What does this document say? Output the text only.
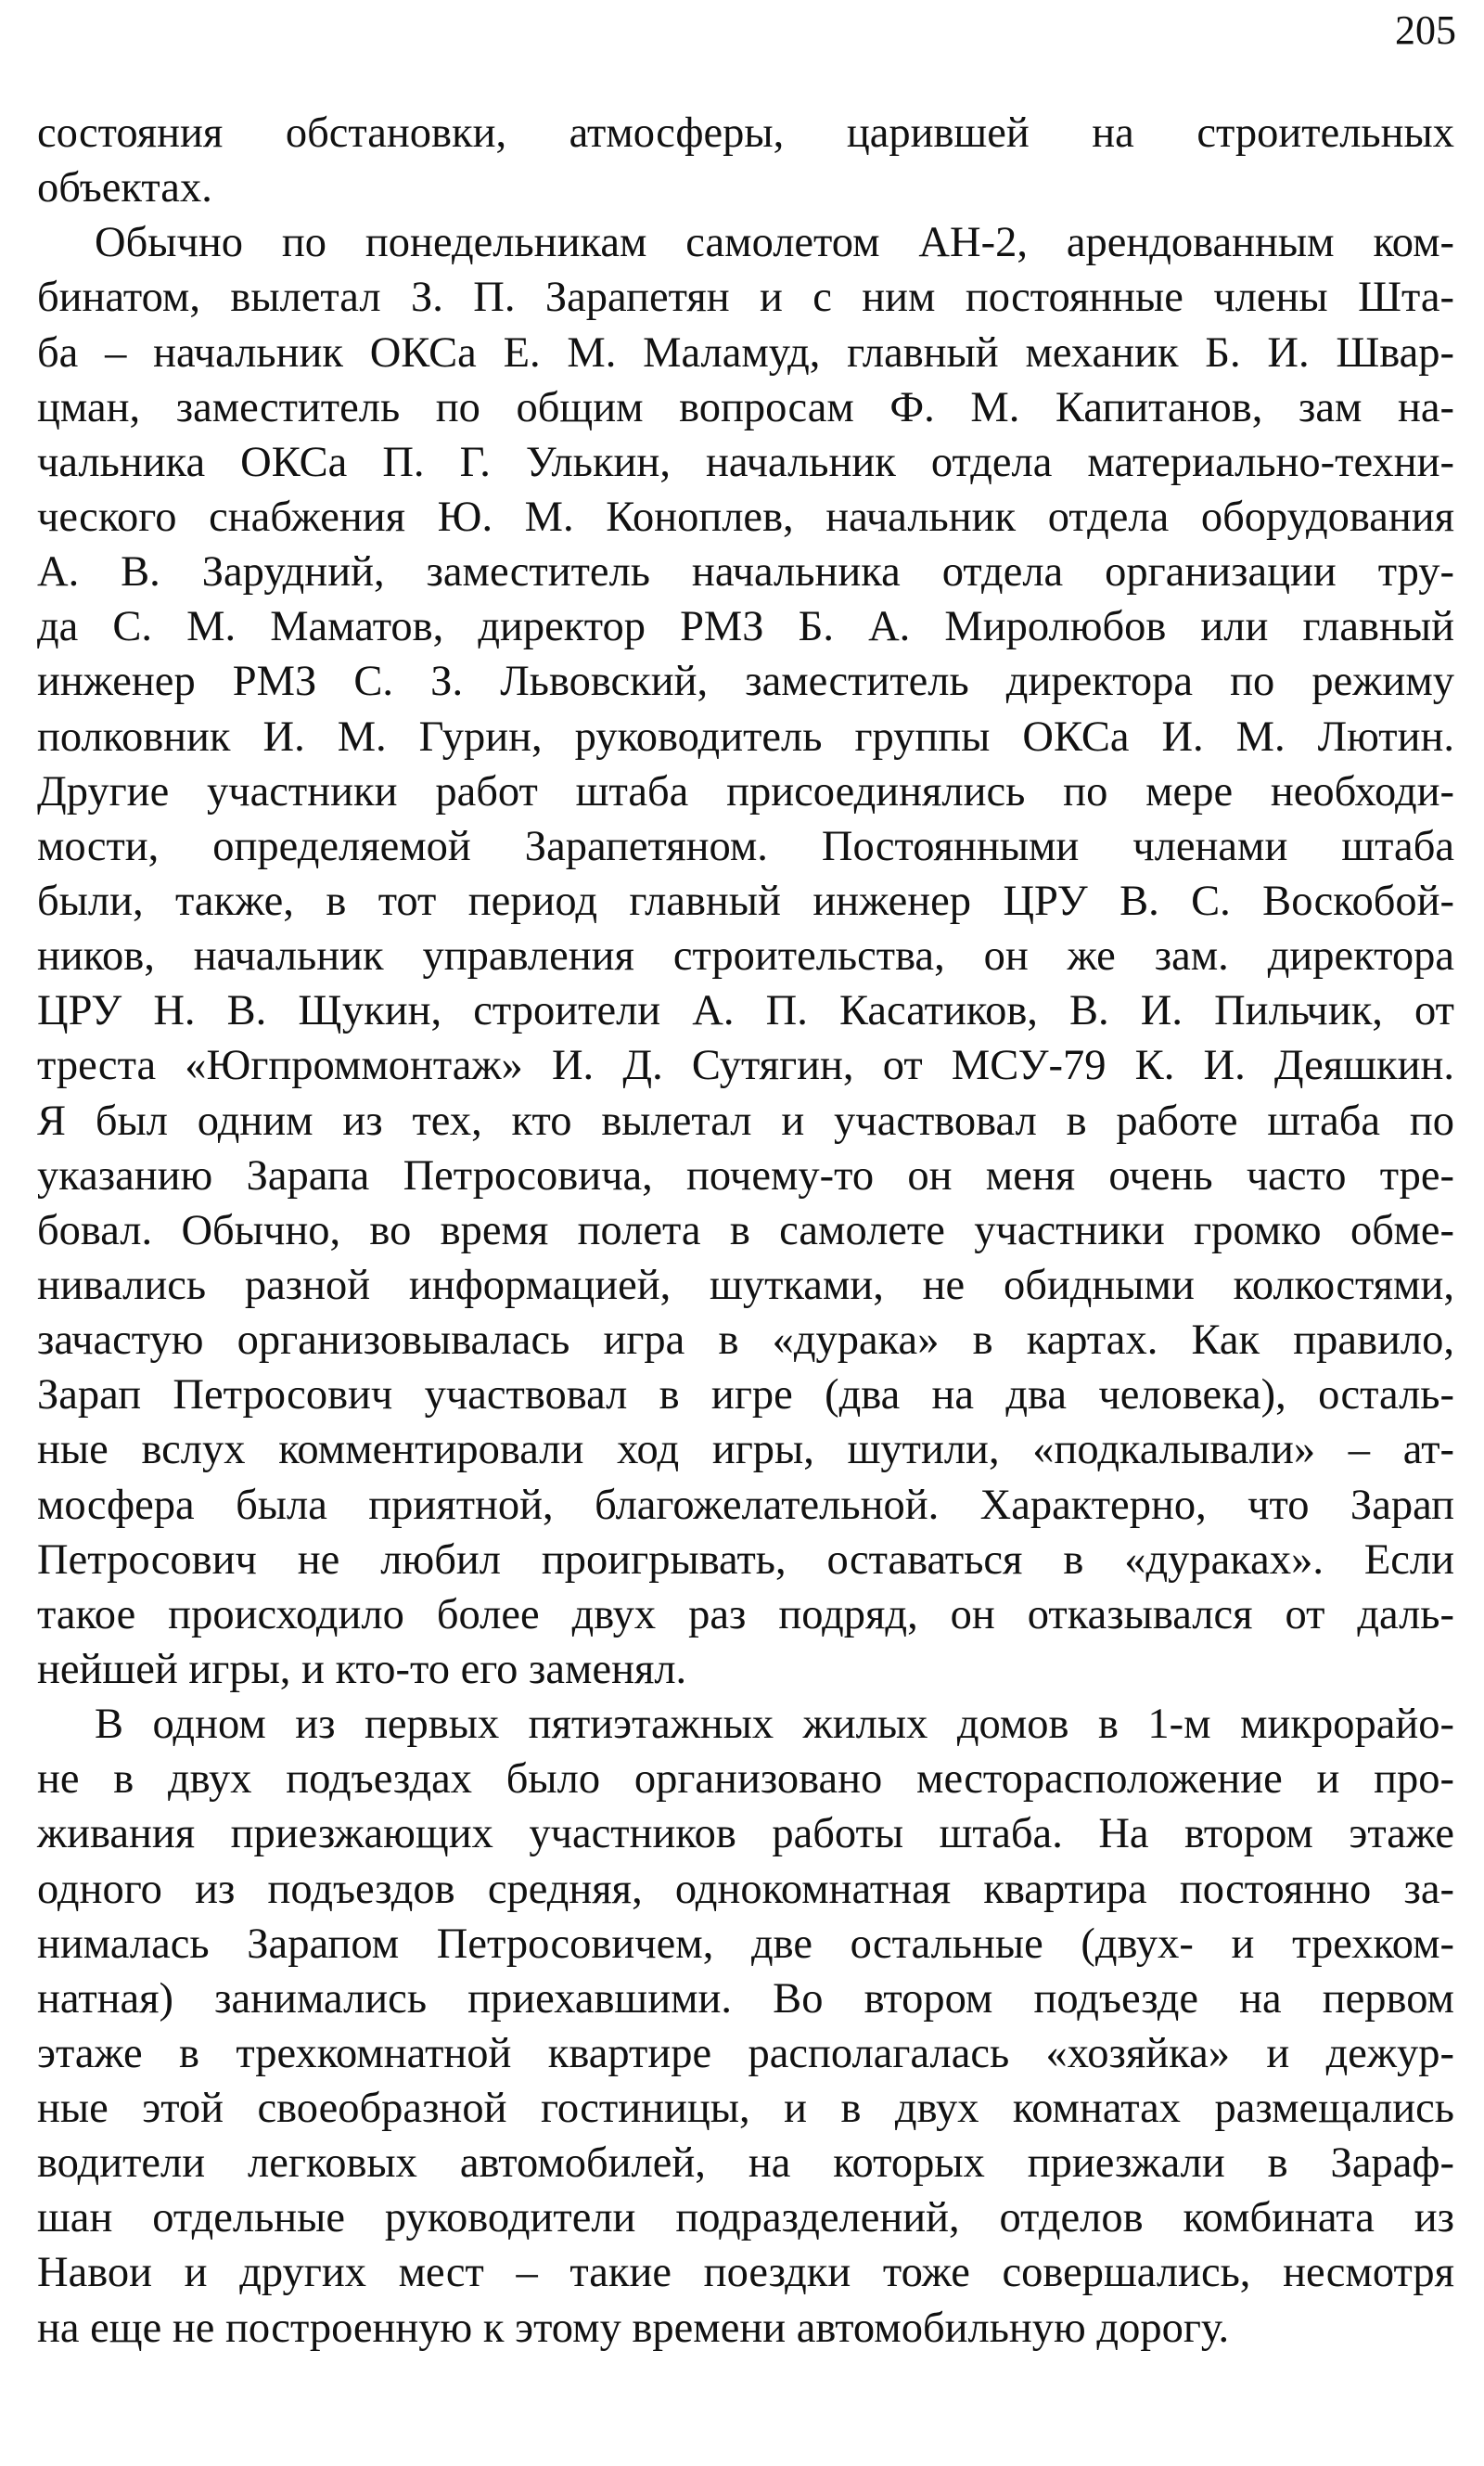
205
состояния обстановки, атмосферы, царившей на строительных
объектах.
Обычно по понедельникам самолетом АН-2, арендованным ком-
бинатом, вылетал З. П. Зарапетян и с ним постоянные члены Шта-
ба – начальник ОКСа Е. М. Маламуд, главный механик Б. И. Швар-
цман, заместитель по общим вопросам Ф. М. Капитанов, зам на-
чальника ОКСа П. Г. Улькин, начальник отдела материально-техни-
ческого снабжения Ю. М. Коноплев, начальник отдела оборудования
А. В. Зарудний, заместитель начальника отдела организации тру-
да С. М. Маматов, директор РМЗ Б. А. Миролюбов или главный
инженер РМЗ С. З. Львовский, заместитель директора по режиму
полковник И. М. Гурин, руководитель группы ОКСа И. М. Лютин.
Другие участники работ штаба присоединялись по мере необходи-
мости, определяемой Зарапетяном. Постоянными членами штаба
были, также, в тот период главный инженер ЦРУ В. С. Воскобой-
ников, начальник управления строительства, он же зам. директора
ЦРУ Н. В. Щукин, строители А. П. Касатиков, В. И. Пильчик, от
треста «Югпроммонтаж» И. Д. Сутягин, от МСУ-79 К. И. Деяшкин.
Я был одним из тех, кто вылетал и участвовал в работе штаба по
указанию Зарапа Петросовича, почему-то он меня очень часто тре-
бовал. Обычно, во время полета в самолете участники громко обме-
нивались разной информацией, шутками, не обидными колкостями,
зачастую организовывалась игра в «дурака» в картах. Как правило,
Зарап Петросович участвовал в игре (два на два человека), осталь-
ные вслух комментировали ход игры, шутили, «подкалывали» – ат-
мосфера была приятной, благожелательной. Характерно, что Зарап
Петросович не любил проигрывать, оставаться в «дураках». Если
такое происходило более двух раз подряд, он отказывался от даль-
нейшей игры, и кто-то его заменял.
В одном из первых пятиэтажных жилых домов в 1-м микрорайо-
не в двух подъездах было организовано месторасположение и про-
живания приезжающих участников работы штаба. На втором этаже
одного из подъездов средняя, однокомнатная квартира постоянно за-
нималась Зарапом Петросовичем, две остальные (двух- и трехком-
натная) занимались приехавшими. Во втором подъезде на первом
этаже в трехкомнатной квартире располагалась «хозяйка» и дежур-
ные этой своеобразной гостиницы, и в двух комнатах размещались
водители легковых автомобилей, на которых приезжали в Зараф-
шан отдельные руководители подразделений, отделов комбината из
Навои и других мест – такие поездки тоже совершались, несмотря
на еще не построенную к этому времени автомобильную дорогу.
